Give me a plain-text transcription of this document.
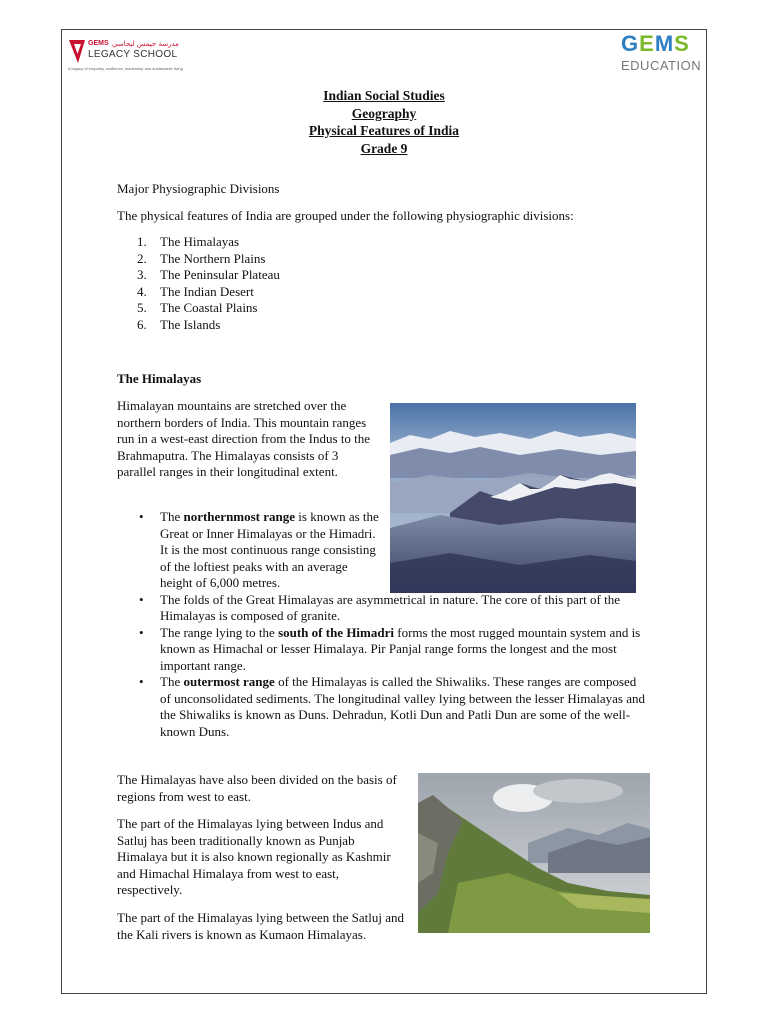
GEMS مدرسة جيمس ليجاسي
LEGACY SCHOOL
A legacy of empathy, resilience, leadership and sustainable living
GEMS
EDUCATION
Indian Social Studies
Geography
Physical Features of India
Grade 9
Major Physiographic Divisions
The physical features of India are grouped under the following physiographic divisions:
1. The Himalayas
2. The Northern Plains
3. The Peninsular Plateau
4. The Indian Desert
5. The Coastal Plains
6. The Islands
The Himalayas
Himalayan mountains are stretched over the northern borders of India. This mountain ranges run in a west-east direction from the Indus to the Brahmaputra. The Himalayas consists of 3 parallel ranges in their longitudinal extent.
• The northernmost range is known as the Great or Inner Himalayas or the Himadri. It is the most continuous range consisting of the loftiest peaks with an average height of 6,000 metres.
• The folds of the Great Himalayas are asymmetrical in nature. The core of this part of the Himalayas is composed of granite.
• The range lying to the south of the Himadri forms the most rugged mountain system and is known as Himachal or lesser Himalaya. Pir Panjal range forms the longest and the most important range.
• The outermost range of the Himalayas is called the Shiwaliks. These ranges are composed of unconsolidated sediments. The longitudinal valley lying between the lesser Himalayas and the Shiwaliks is known as Duns. Dehradun, Kotli Dun and Patli Dun are some of the well-known Duns.
The Himalayas have also been divided on the basis of regions from west to east.
The part of the Himalayas lying between Indus and Satluj has been traditionally known as Punjab Himalaya but it is also known regionally as Kashmir and Himachal Himalaya from west to east, respectively.
The part of the Himalayas lying between the Satluj and the Kali rivers is known as Kumaon Himalayas.
